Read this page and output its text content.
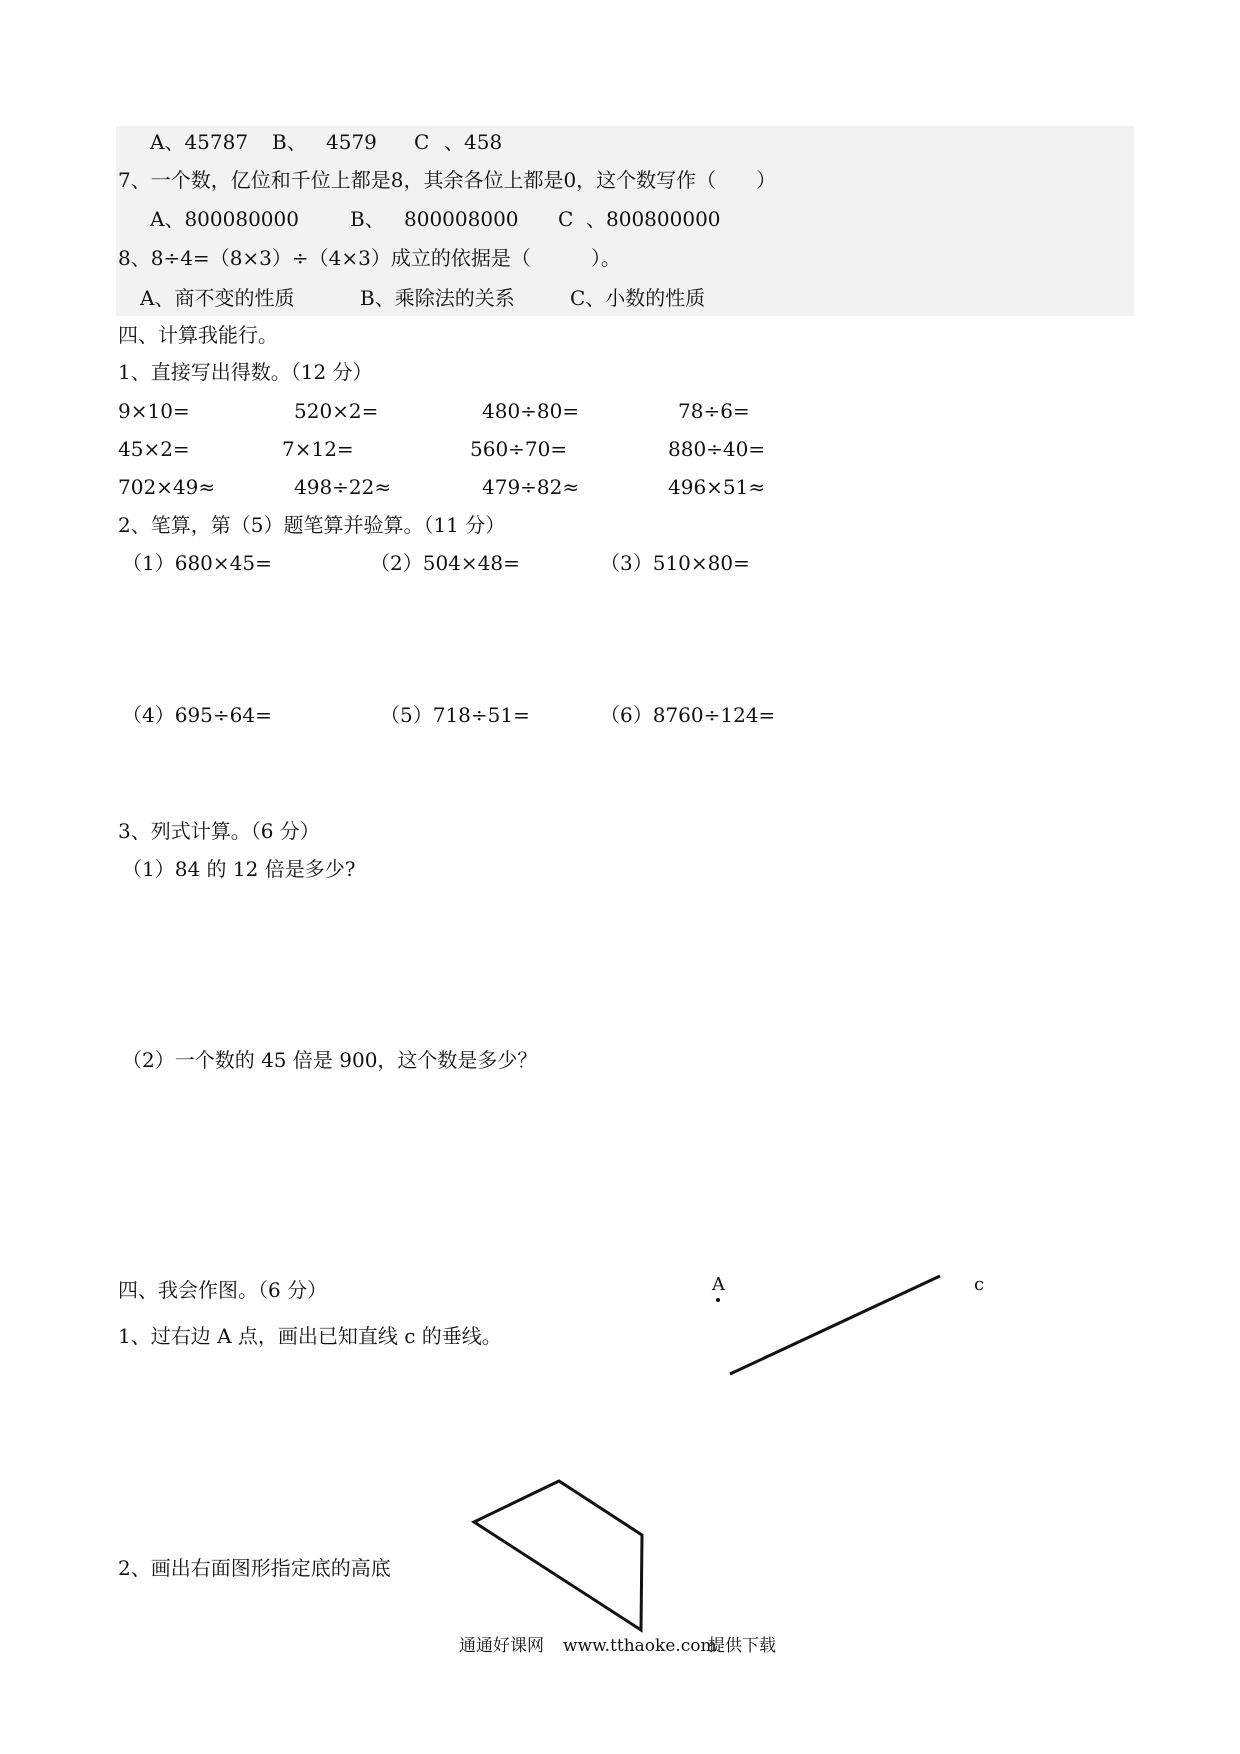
A、45787 B、 4579 C 、458
7、一个数，亿位和千位上都是8，其余各位上都是0，这个数写作（　　）
A、800080000	B、 800008000 C 、800800000
8、8÷4=（8×3）÷（4×3）成立的依据是（　　　）。
A、商不变的性质	B、乘除法的关系	C、小数的性质
四、计算我能行。
1、直接写出得数。（12 分）
9×10=	520×2=	480÷80=	78÷6=
45×2=	7×12=	560÷70=	880÷40=
702×49≈	498÷22≈	479÷82≈	496×51≈
2、笔算，第（5）题笔算并验算。（11 分）
（1）680×45=	（2）504×48=	（3）510×80=
（4）695÷64=	（5）718÷51=	（6）8760÷124=
3、列式计算。（6 分）
（1）84 的 12 倍是多少?
（2）一个数的 45 倍是 900，这个数是多少？
四、我会作图。（6 分）
1、过右边 A 点，画出已知直线 c 的垂线。
2、画出右面图形指定底的高底
A	c
通通好课网 www.tthaoke.com
提供下载
